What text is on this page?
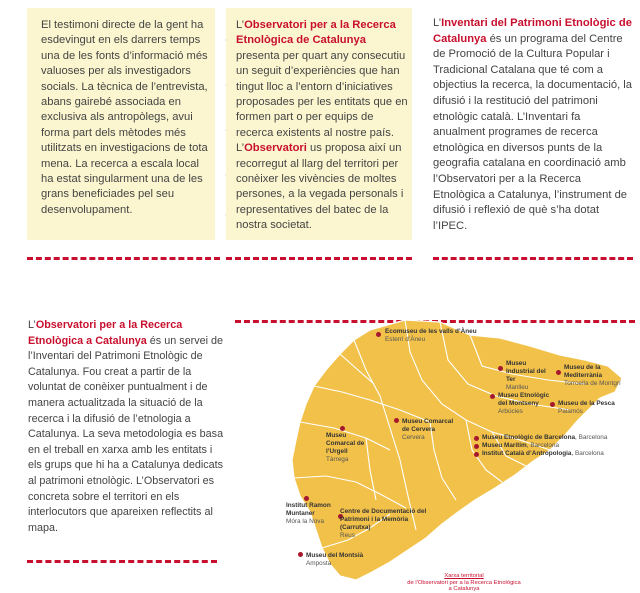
El testimoni directe de la gent ha esdevingut en els darrers temps una de les fonts d’informació més valuoses per als investigadors socials. La tècnica de l’entrevista, abans gairebé associada en exclusiva als antropòlegs, avui forma part dels mètodes més utilitzats en investigacions de tota mena. La recerca a escala local ha estat singularment una de les grans beneficiades pel seu desenvolupament.

L’Observatori per a la Recerca Etnològica de Catalunya presenta per quart any consecutiu un seguit d’experiències que han tingut lloc a l’entorn d’iniciatives proposades per les entitats que en formen part o per equips de recerca existents al nostre país. L’Observatori us proposa així un recorregut al llarg del territori per conèixer les vivències de moltes persones, a la vegada personals i representatives del batec de la nostra societat.

L’Inventari del Patrimoni Etnològic de Catalunya és un programa del Centre de Promoció de la Cultura Popular i Tradicional Catalana que té com a objectius la recerca, la documentació, la difusió i la restitució del patrimoni etnològic català. L’Inventari fa anualment programes de recerca etnològica en diversos punts de la geografia catalana en coordinació amb l’Observatori per a la Recerca Etnològica a Catalunya, l’instrument de difusió i reflexió de què s’ha dotat l’IPEC.

L’Observatori per a la Recerca Etnològica a Catalunya és un servei de l’Inventari del Patrimoni Etnològic de Catalunya. Fou creat a partir de la voluntat de conèixer puntualment i de manera actualitzada la situació de la recerca i la difusió de l’etnologia a Catalunya. La seva metodologia es basa en el treball en xarxa amb les entitats i els grups que hi ha a Catalunya dedicats al patrimoni etnològic. L’Observatori es concreta sobre el territori en els interlocutors que apareixen reflectits al mapa.

Ecomuseu de les valls d’Àneu
Esterri d’Àneu
Museu Industrial del Ter
Manlleu
Museu de la Mediterrània
Torroella de Montgrí
Museu Etnològic del Montseny
Arbúcies
Museu de la Pesca
Palamós
Museu Comarcal de Cervera
Cervera
Museu Comarcal de l’Urgell
Tàrrega
Museu Etnològic de Barcelona, Barcelona
Museu Marítim, Barcelona
Institut Català d’Antropologia, Barcelona
Institut Ramon Muntaner
Móra la Nova
Centre de Documentació del Patrimoni i la Memòria (Carrutxa)
Reus
Museu del Montsià
Amposta
Xarxa territorial
de l’Observatori per a la Recerca Etnològica
a Catalunya
